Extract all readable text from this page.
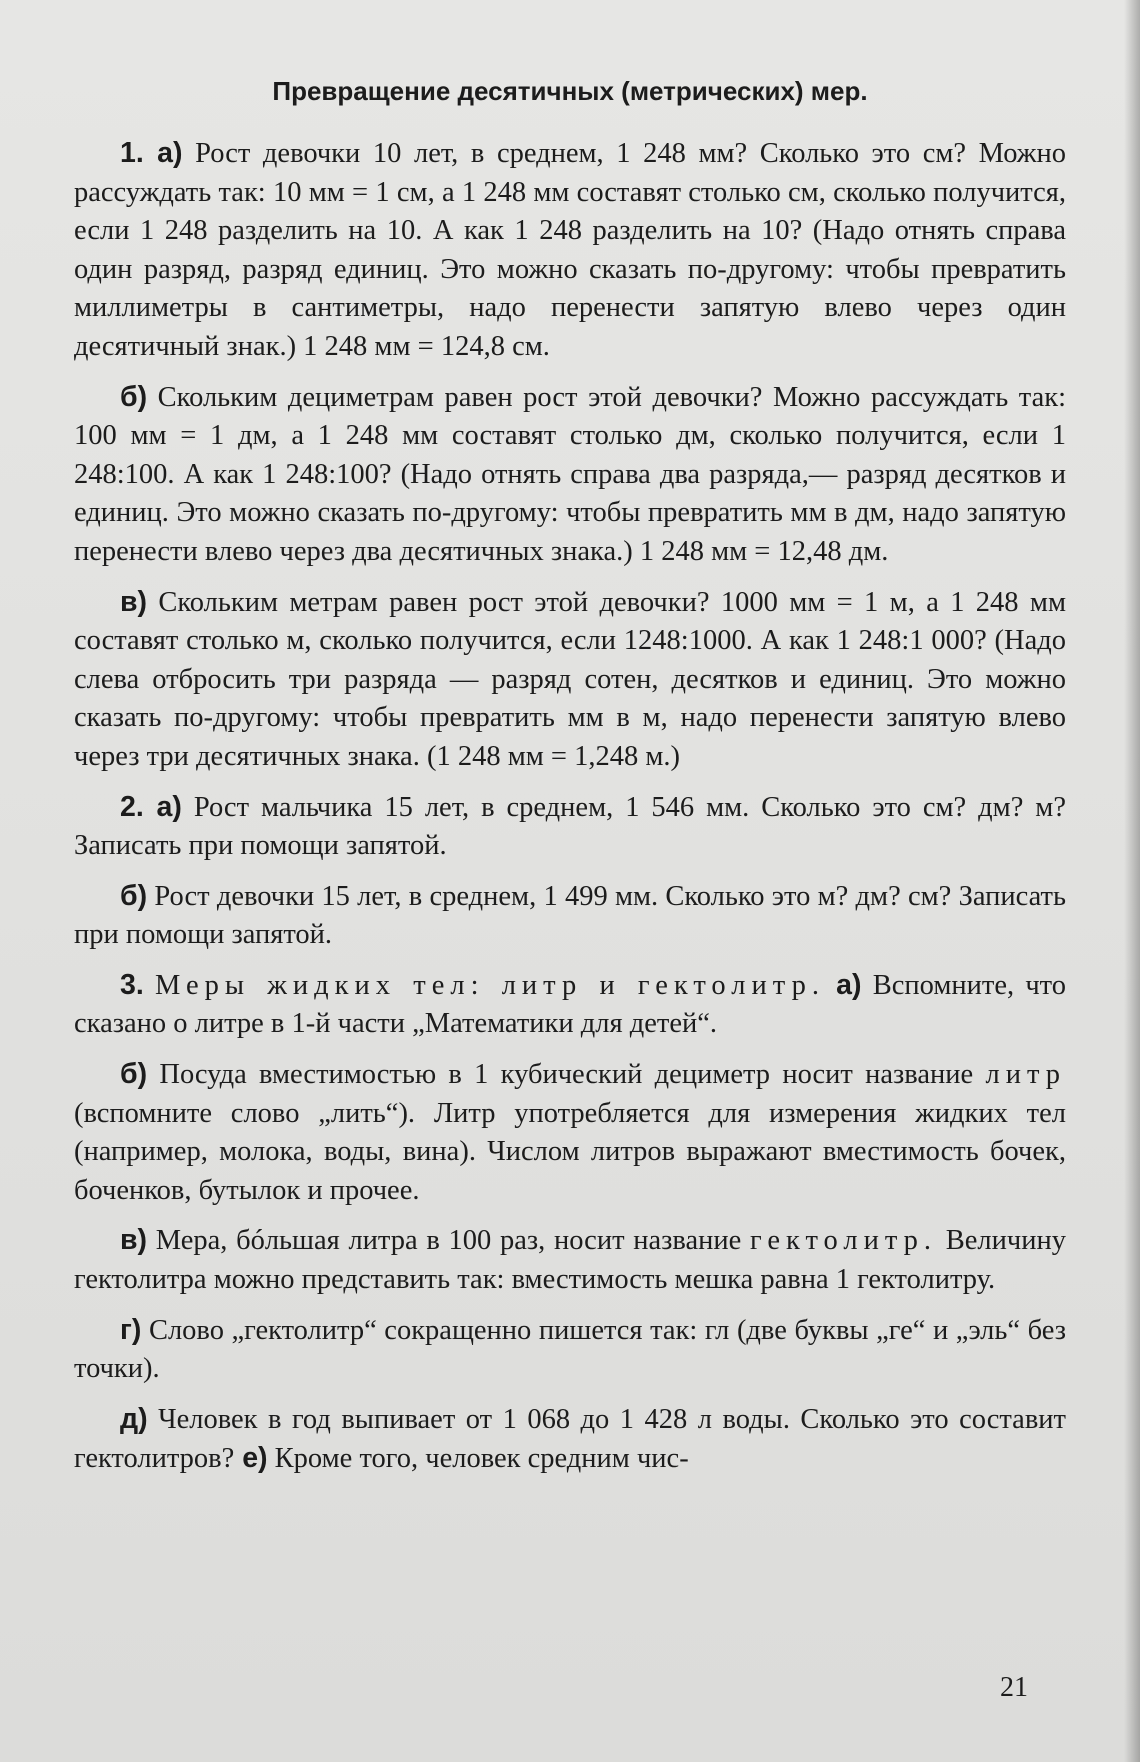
Превращение десятичных (метрических) мер.

1. а) Рост девочки 10 лет, в среднем, 1 248 мм? Сколько это см? Можно рассуждать так: 10 мм = 1 см, а 1 248 мм составят столько см, сколько получится, если 1 248 разделить на 10. А как 1 248 разделить на 10? (Надо отнять справа один разряд, разряд единиц. Это можно сказать по-другому: чтобы превратить миллиметры в сантиметры, надо перенести запятую влево через один десятичный знак.) 1 248 мм = 124,8 см.

б) Скольким дециметрам равен рост этой девочки? Можно рассуждать так: 100 мм = 1 дм, а 1 248 мм составят столько дм, сколько получится, если 1 248:100. А как 1 248:100? (Надо отнять справа два разряда,— разряд десятков и единиц. Это можно сказать по-другому: чтобы превратить мм в дм, надо запятую перенести влево через два десятичных знака.) 1 248 мм = 12,48 дм.

в) Скольким метрам равен рост этой девочки? 1000 мм = 1 м, а 1 248 мм составят столько м, сколько получится, если 1248:1000. А как 1 248:1 000? (Надо слева отбросить три разряда — разряд сотен, десятков и единиц. Это можно сказать по-другому: чтобы превратить мм в м, надо перенести запятую влево через три десятичных знака. (1 248 мм = 1,248 м.)

2. а) Рост мальчика 15 лет, в среднем, 1 546 мм. Сколько это см? дм? м? Записать при помощи запятой.

б) Рост девочки 15 лет, в среднем, 1 499 мм. Сколько это м? дм? см? Записать при помощи запятой.

3. Меры жидких тел: литр и гектолитр. а) Вспомните, что сказано о литре в 1-й части „Математики для детей“.

б) Посуда вместимостью в 1 кубический дециметр носит название литр (вспомните слово „лить“). Литр употребляется для измерения жидких тел (например, молока, воды, вина). Числом литров выражают вместимость бочек, боченков, бутылок и прочее.

в) Мера, бóльшая литра в 100 раз, носит название гектолитр. Величину гектолитра можно представить так: вместимость мешка равна 1 гектолитру.

г) Слово „гектолитр“ сокращенно пишется так: гл (две буквы „ге“ и „эль“ без точки).

д) Человек в год выпивает от 1 068 до 1 428 л воды. Сколько это составит гектолитров? е) Кроме того, человек средним чис-

21
